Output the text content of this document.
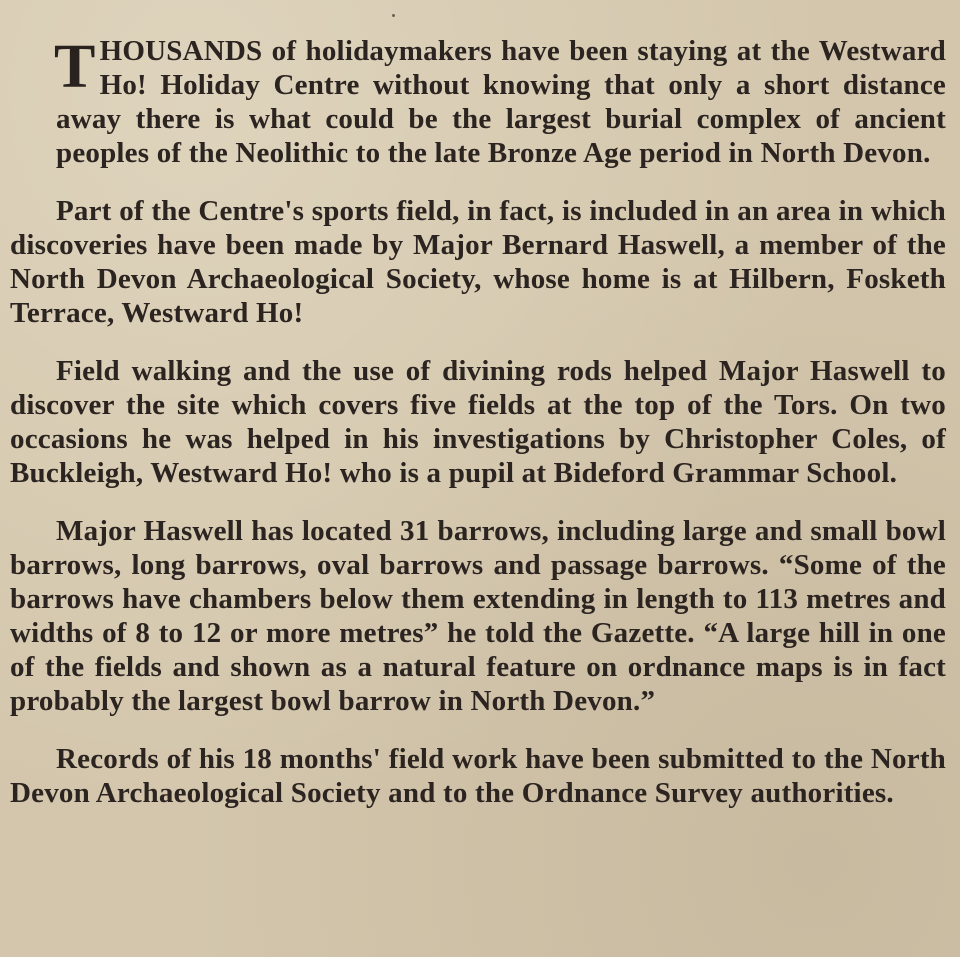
T HOUSANDS of holidaymakers have been staying at the Westward Ho! Holiday Centre without knowing that only a short distance away there is what could be the largest burial complex of ancient peoples of the Neolithic to the late Bronze Age period in North Devon.

Part of the Centre's sports field, in fact, is included in an area in which discoveries have been made by Major Bernard Haswell, a member of the North Devon Archaeological Society, whose home is at Hilbern, Fosketh Terrace, Westward Ho!

Field walking and the use of divining rods helped Major Haswell to discover the site which covers five fields at the top of the Tors. On two occasions he was helped in his investigations by Christopher Coles, of Buckleigh, Westward Ho! who is a pupil at Bideford Grammar School.

Major Haswell has located 31 barrows, including large and small bowl barrows, long barrows, oval barrows and passage barrows. “Some of the barrows have chambers below them extending in length to 113 metres and widths of 8 to 12 or more metres” he told the Gazette. “A large hill in one of the fields and shown as a natural feature on ordnance maps is in fact probably the largest bowl barrow in North Devon.”

Records of his 18 months' field work have been submitted to the North Devon Archaeological Society and to the Ordnance Survey authorities.
